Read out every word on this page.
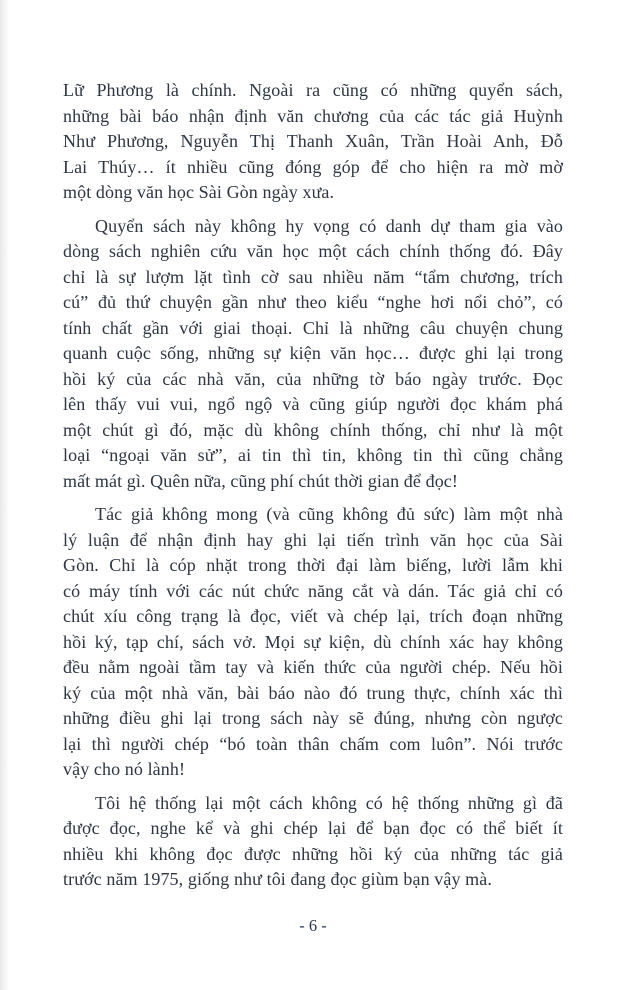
Lữ Phương là chính. Ngoài ra cũng có những quyển sách,
những bài báo nhận định văn chương của các tác giả Huỳnh
Như Phương, Nguyễn Thị Thanh Xuân, Trần Hoài Anh, Đỗ
Lai Thúy… ít nhiều cũng đóng góp để cho hiện ra mờ mờ
một dòng văn học Sài Gòn ngày xưa.
Quyển sách này không hy vọng có danh dự tham gia vào
dòng sách nghiên cứu văn học một cách chính thống đó. Đây
chỉ là sự lượm lặt tình cờ sau nhiều năm “tẩm chương, trích
cú” đủ thứ chuyện gần như theo kiểu “nghe hơi nổi chỏ”, có
tính chất gần với giai thoại. Chỉ là những câu chuyện chung
quanh cuộc sống, những sự kiện văn học… được ghi lại trong
hồi ký của các nhà văn, của những tờ báo ngày trước. Đọc
lên thấy vui vui, ngổ ngộ và cũng giúp người đọc khám phá
một chút gì đó, mặc dù không chính thống, chỉ như là một
loại “ngoại văn sử”, ai tin thì tin, không tin thì cũng chẳng
mất mát gì. Quên nữa, cũng phí chút thời gian để đọc!
Tác giả không mong (và cũng không đủ sức) làm một nhà
lý luận để nhận định hay ghi lại tiến trình văn học của Sài
Gòn. Chỉ là cóp nhặt trong thời đại làm biếng, lười lẫm khi
có máy tính với các nút chức năng cắt và dán. Tác giả chỉ có
chút xíu công trạng là đọc, viết và chép lại, trích đoạn những
hồi ký, tạp chí, sách vở. Mọi sự kiện, dù chính xác hay không
đều nằm ngoài tầm tay và kiến thức của người chép. Nếu hồi
ký của một nhà văn, bài báo nào đó trung thực, chính xác thì
những điều ghi lại trong sách này sẽ đúng, nhưng còn ngược
lại thì người chép “bó toàn thân chấm com luôn”. Nói trước
vậy cho nó lành!
Tôi hệ thống lại một cách không có hệ thống những gì đã
được đọc, nghe kể và ghi chép lại để bạn đọc có thể biết ít
nhiều khi không đọc được những hồi ký của những tác giả
trước năm 1975, giống như tôi đang đọc giùm bạn vậy mà.
- 6 -
